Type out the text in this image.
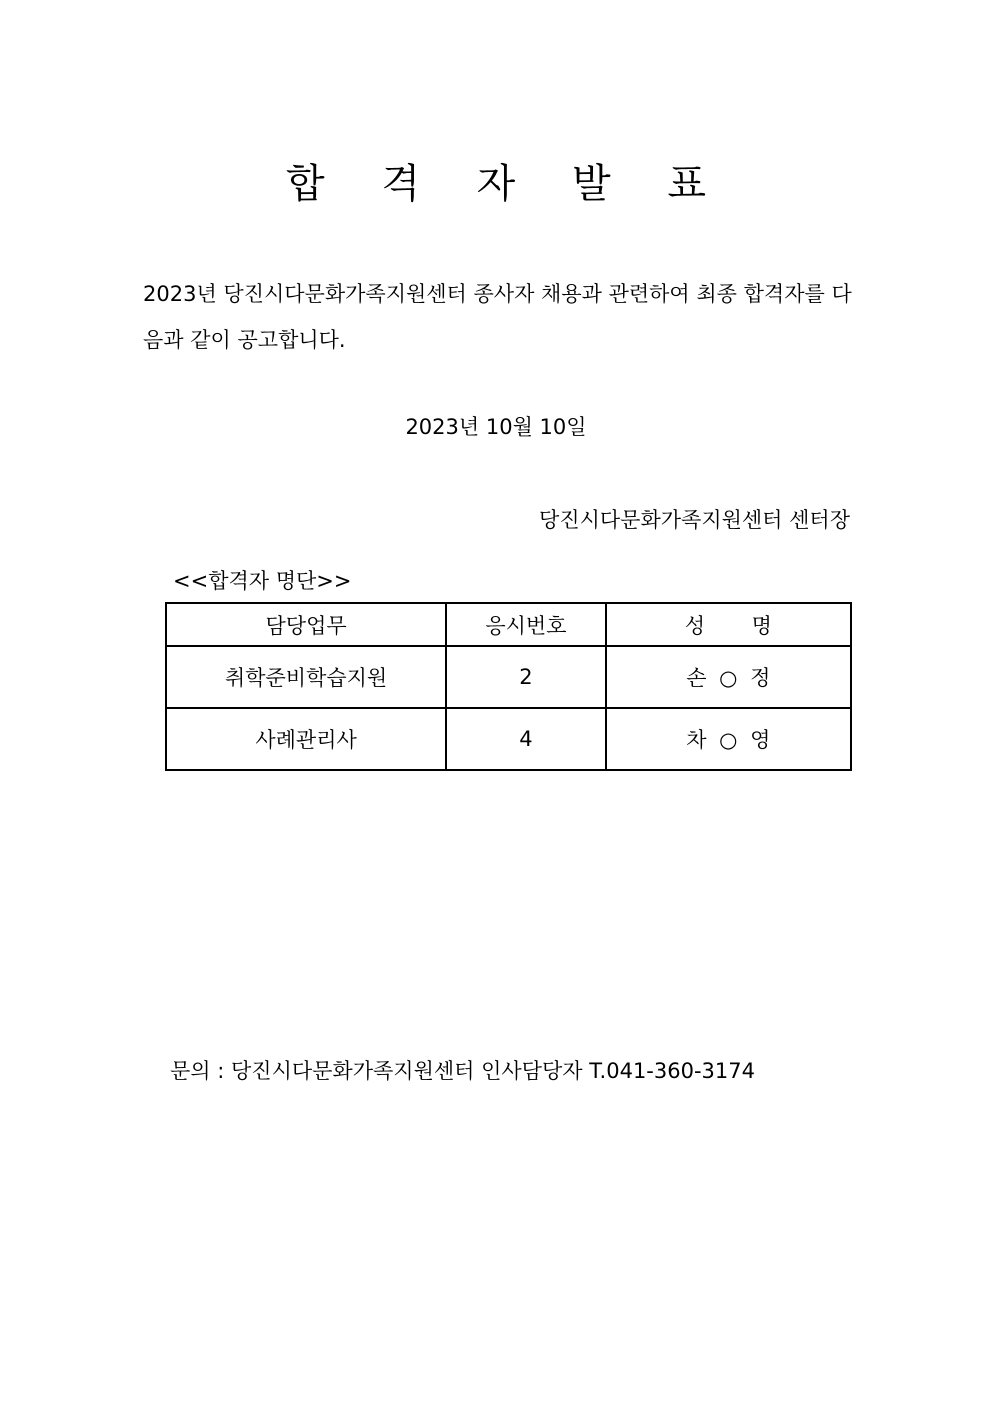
합 격 자 발 표

2023년 당진시다문화가족지원센터 종사자 채용과 관련하여 최종 합격자를 다음과 같이 공고합니다.

2023년 10월 10일

당진시다문화가족지원센터 센터장

<<합격자 명단>>

담당업무	응시번호	성 명
취학준비학습지원	2	손 ○ 정
사례관리사	4	차 ○ 영

문의 : 당진시다문화가족지원센터 인사담당자 T.041-360-3174
